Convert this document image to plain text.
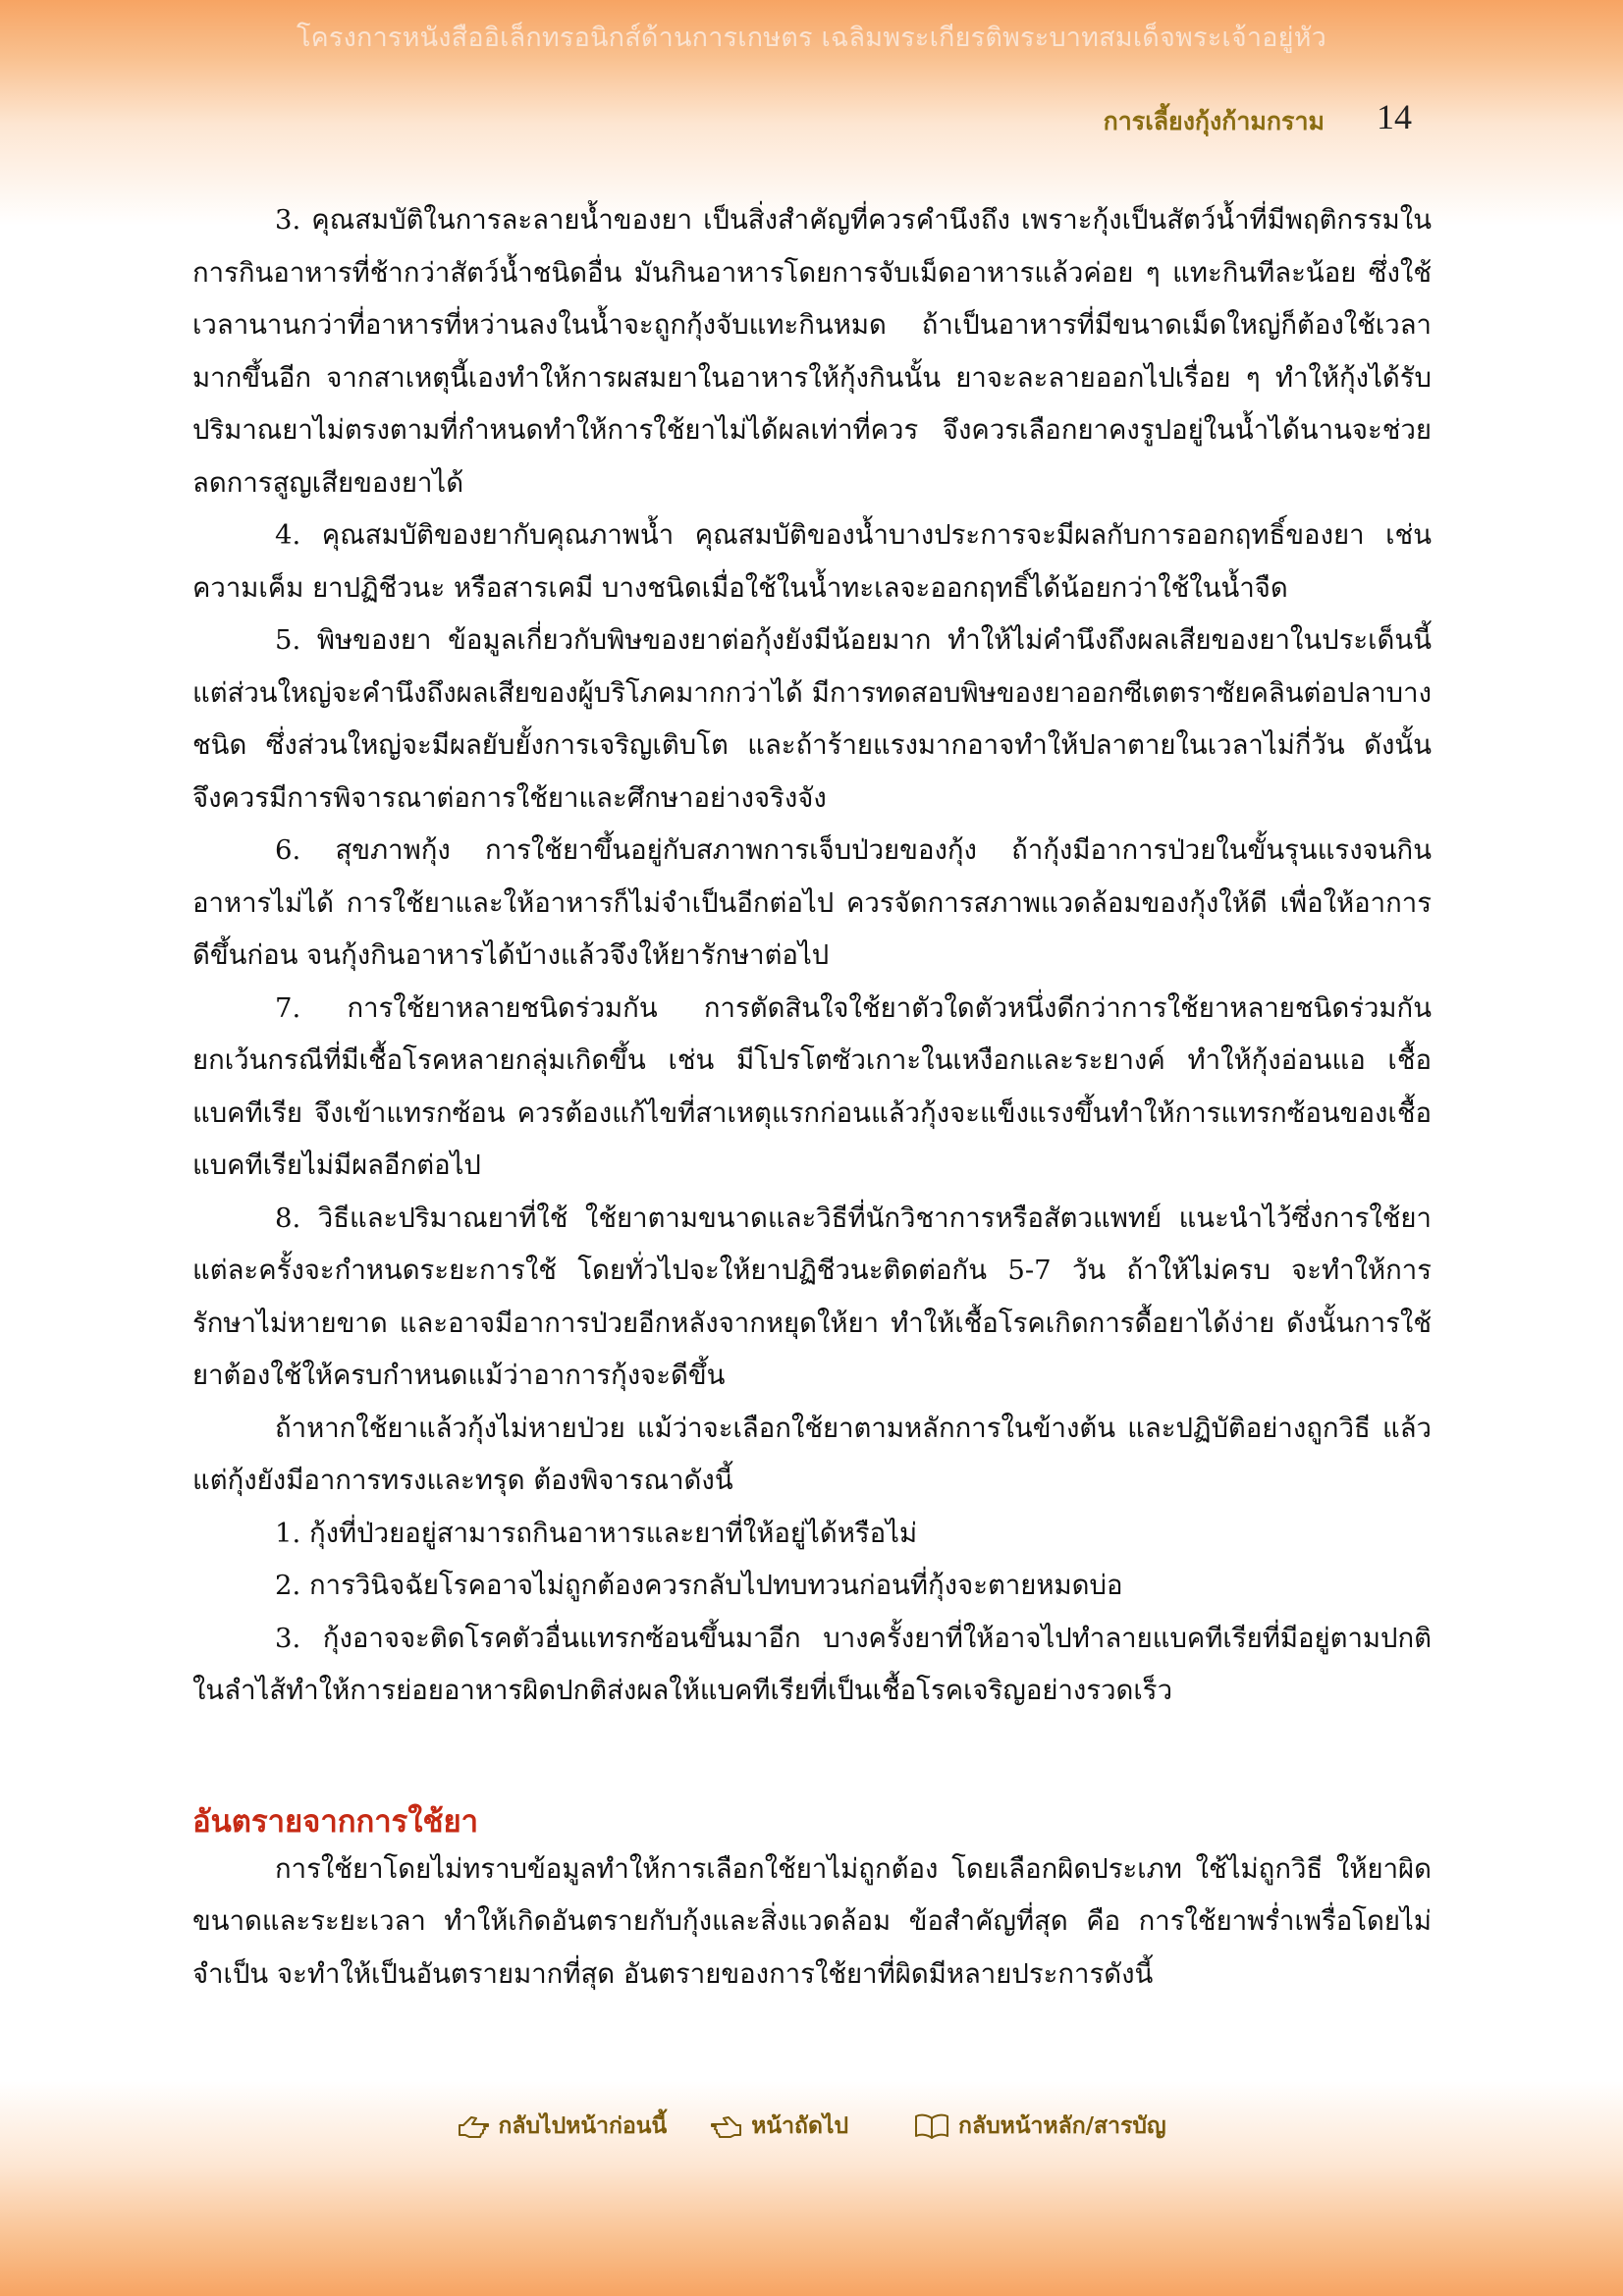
โครงการหนังสืออิเล็กทรอนิกส์ด้านการเกษตร เฉลิมพระเกียรติพระบาทสมเด็จพระเจ้าอยู่หัว
การเลี้ยงกุ้งก้ามกราม 14

3. คุณสมบัติในการละลายน้ำของยา เป็นสิ่งสำคัญที่ควรคำนึงถึง เพราะกุ้งเป็นสัตว์น้ำที่มีพฤติกรรมในการกินอาหารที่ช้ากว่าสัตว์น้ำชนิดอื่น มันกินอาหารโดยการจับเม็ดอาหารแล้วค่อย ๆ แทะกินทีละน้อย ซึ่งใช้เวลานานกว่าที่อาหารที่หว่านลงในน้ำจะถูกกุ้งจับแทะกินหมด ถ้าเป็นอาหารที่มีขนาดเม็ดใหญ่ก็ต้องใช้เวลามากขึ้นอีก จากสาเหตุนี้เองทำให้การผสมยาในอาหารให้กุ้งกินนั้น ยาจะละลายออกไปเรื่อย ๆ ทำให้กุ้งได้รับปริมาณยาไม่ตรงตามที่กำหนดทำให้การใช้ยาไม่ได้ผลเท่าที่ควร จึงควรเลือกยาคงรูปอยู่ในน้ำได้นานจะช่วยลดการสูญเสียของยาได้

4. คุณสมบัติของยากับคุณภาพน้ำ คุณสมบัติของน้ำบางประการจะมีผลกับการออกฤทธิ์ของยา เช่น ความเค็ม ยาปฏิชีวนะ หรือสารเคมี บางชนิดเมื่อใช้ในน้ำทะเลจะออกฤทธิ์ได้น้อยกว่าใช้ในน้ำจืด

5. พิษของยา ข้อมูลเกี่ยวกับพิษของยาต่อกุ้งยังมีน้อยมาก ทำให้ไม่คำนึงถึงผลเสียของยาในประเด็นนี้ แต่ส่วนใหญ่จะคำนึงถึงผลเสียของผู้บริโภคมากกว่าได้ มีการทดสอบพิษของยาออกซีเตตราซัยคลินต่อปลาบางชนิด ซึ่งส่วนใหญ่จะมีผลยับยั้งการเจริญเติบโต และถ้าร้ายแรงมากอาจทำให้ปลาตายในเวลาไม่กี่วัน ดังนั้น จึงควรมีการพิจารณาต่อการใช้ยาและศึกษาอย่างจริงจัง

6. สุขภาพกุ้ง การใช้ยาขึ้นอยู่กับสภาพการเจ็บป่วยของกุ้ง ถ้ากุ้งมีอาการป่วยในขั้นรุนแรงจนกินอาหารไม่ได้ การใช้ยาและให้อาหารก็ไม่จำเป็นอีกต่อไป ควรจัดการสภาพแวดล้อมของกุ้งให้ดี เพื่อให้อาการดีขึ้นก่อน จนกุ้งกินอาหารได้บ้างแล้วจึงให้ยารักษาต่อไป

7. การใช้ยาหลายชนิดร่วมกัน การตัดสินใจใช้ยาตัวใดตัวหนึ่งดีกว่าการใช้ยาหลายชนิดร่วมกัน ยกเว้นกรณีที่มีเชื้อโรคหลายกลุ่มเกิดขึ้น เช่น มีโปรโตซัวเกาะในเหงือกและระยางค์ ทำให้กุ้งอ่อนแอ เชื้อแบคทีเรีย จึงเข้าแทรกซ้อน ควรต้องแก้ไขที่สาเหตุแรกก่อนแล้วกุ้งจะแข็งแรงขึ้นทำให้การแทรกซ้อนของเชื้อแบคทีเรียไม่มีผลอีกต่อไป

8. วิธีและปริมาณยาที่ใช้ ใช้ยาตามขนาดและวิธีที่นักวิชาการหรือสัตวแพทย์ แนะนำไว้ซึ่งการใช้ยาแต่ละครั้งจะกำหนดระยะการใช้ โดยทั่วไปจะให้ยาปฏิชีวนะติดต่อกัน 5-7 วัน ถ้าให้ไม่ครบ จะทำให้การรักษาไม่หายขาด และอาจมีอาการป่วยอีกหลังจากหยุดให้ยา ทำให้เชื้อโรคเกิดการดื้อยาได้ง่าย ดังนั้นการใช้ยาต้องใช้ให้ครบกำหนดแม้ว่าอาการกุ้งจะดีขึ้น

ถ้าหากใช้ยาแล้วกุ้งไม่หายป่วย แม้ว่าจะเลือกใช้ยาตามหลักการในข้างต้น และปฏิบัติอย่างถูกวิธี แล้วแต่กุ้งยังมีอาการทรงและทรุด ต้องพิจารณาดังนี้

1. กุ้งที่ป่วยอยู่สามารถกินอาหารและยาที่ให้อยู่ได้หรือไม่

2. การวินิจฉัยโรคอาจไม่ถูกต้องควรกลับไปทบทวนก่อนที่กุ้งจะตายหมดบ่อ

3. กุ้งอาจจะติดโรคตัวอื่นแทรกซ้อนขึ้นมาอีก บางครั้งยาที่ให้อาจไปทำลายแบคทีเรียที่มีอยู่ตามปกติในลำไส้ทำให้การย่อยอาหารผิดปกติส่งผลให้แบคทีเรียที่เป็นเชื้อโรคเจริญอย่างรวดเร็ว

อันตรายจากการใช้ยา

การใช้ยาโดยไม่ทราบข้อมูลทำให้การเลือกใช้ยาไม่ถูกต้อง โดยเลือกผิดประเภท ใช้ไม่ถูกวิธี ให้ยาผิดขนาดและระยะเวลา ทำให้เกิดอันตรายกับกุ้งและสิ่งแวดล้อม ข้อสำคัญที่สุด คือ การใช้ยาพร่ำเพรื่อโดยไม่จำเป็น จะทำให้เป็นอันตรายมากที่สุด อันตรายของการใช้ยาที่ผิดมีหลายประการดังนี้

กลับไปหน้าก่อนนี้	หน้าถัดไป	กลับหน้าหลัก/สารบัญ
